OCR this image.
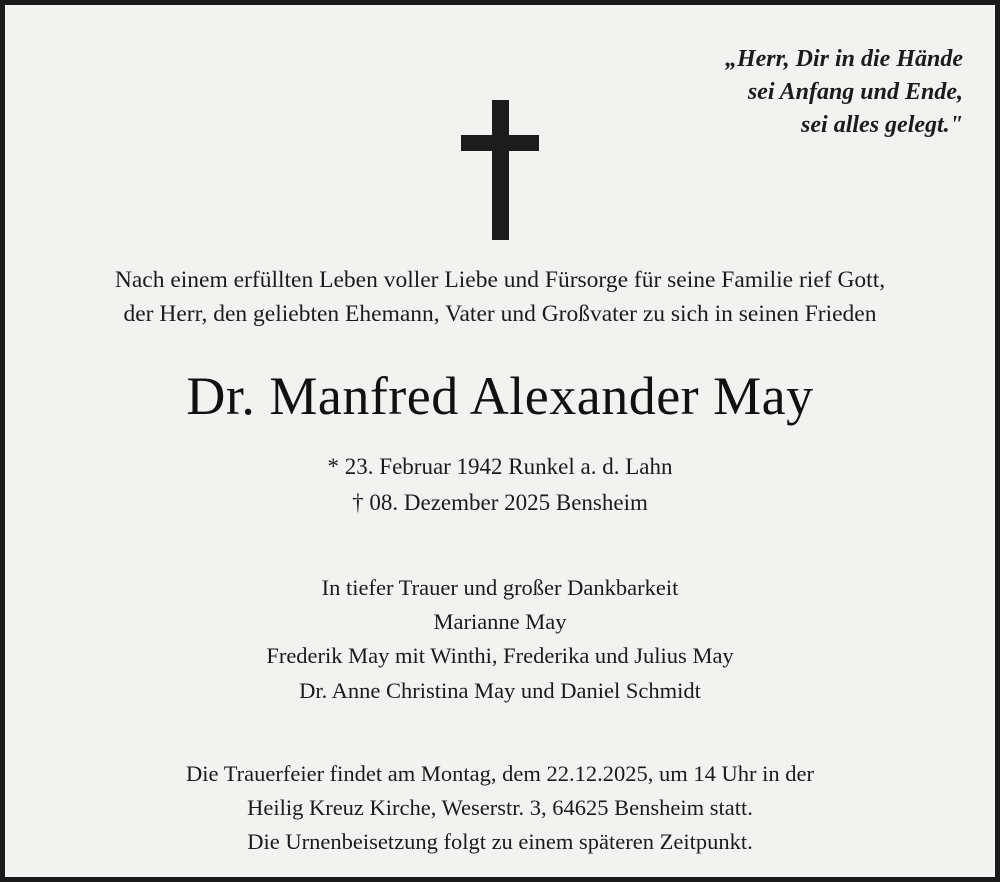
„Herr, Dir in die Hände
sei Anfang und Ende,
sei alles gelegt."
Nach einem erfüllten Leben voller Liebe und Fürsorge für seine Familie rief Gott,
der Herr, den geliebten Ehemann, Vater und Großvater zu sich in seinen Frieden
Dr. Manfred Alexander May
* 23. Februar 1942 Runkel a. d. Lahn
† 08. Dezember 2025 Bensheim
In tiefer Trauer und großer Dankbarkeit
Marianne May
Frederik May mit Winthi, Frederika und Julius May
Dr. Anne Christina May und Daniel Schmidt
Die Trauerfeier findet am Montag, dem 22.12.2025, um 14 Uhr in der
Heilig Kreuz Kirche, Weserstr. 3, 64625 Bensheim statt.
Die Urnenbeisetzung folgt zu einem späteren Zeitpunkt.
